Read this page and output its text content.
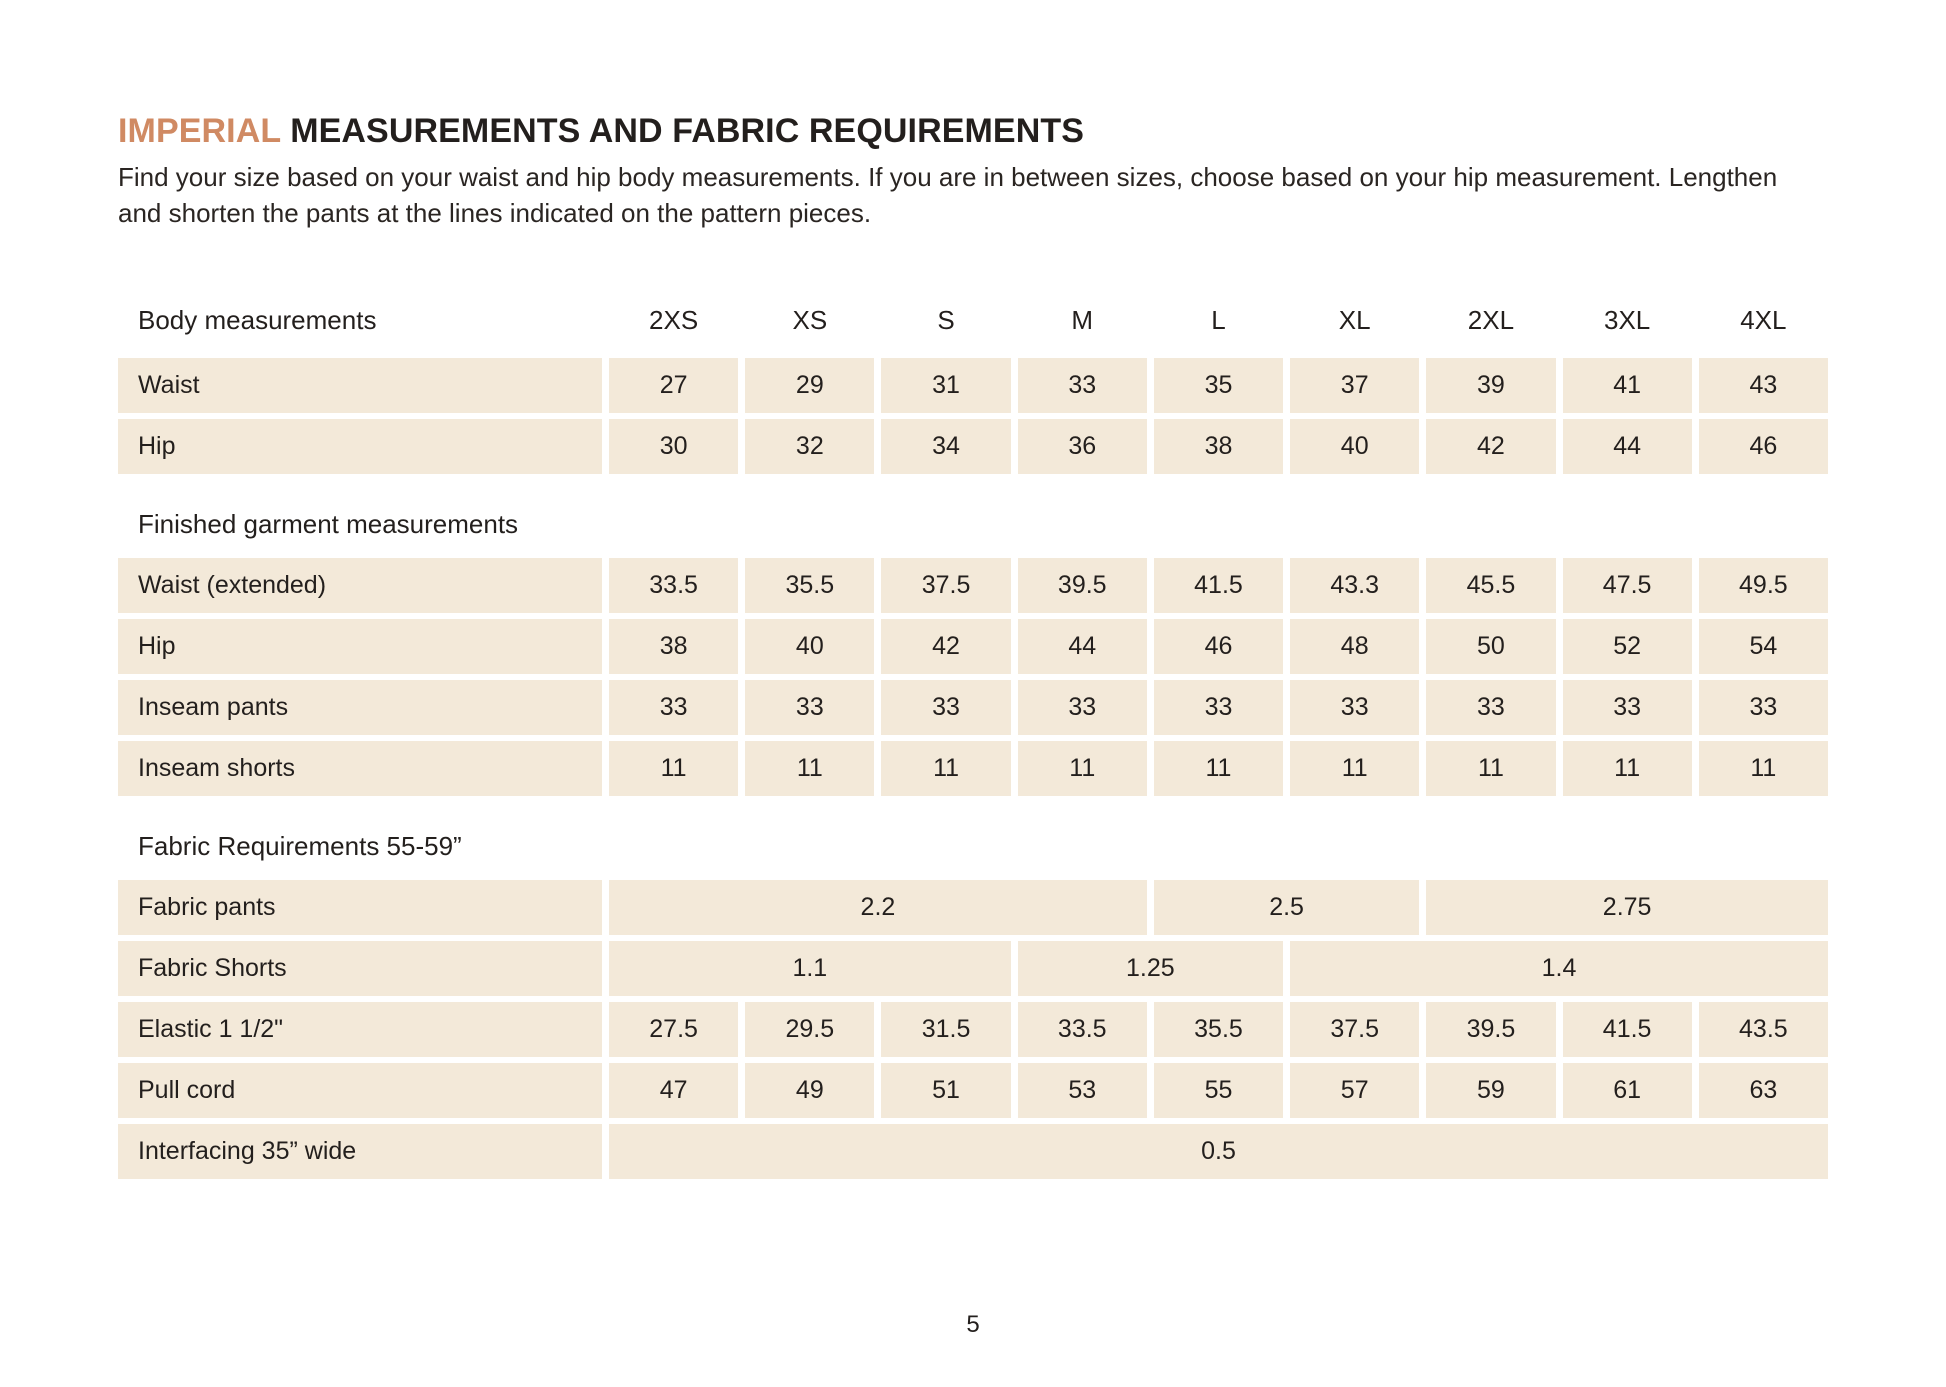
IMPERIAL MEASUREMENTS AND FABRIC REQUIREMENTS

Find your size based on your waist and hip body measurements. If you are in between sizes, choose based on your hip measurement. Lengthen and shorten the pants at the lines indicated on the pattern pieces.

Body measurements	2XS	XS	S	M	L	XL	2XL	3XL	4XL
Waist	27	29	31	33	35	37	39	41	43
Hip	30	32	34	36	38	40	42	44	46
Finished garment measurements
Waist (extended)	33.5	35.5	37.5	39.5	41.5	43.3	45.5	47.5	49.5
Hip	38	40	42	44	46	48	50	52	54
Inseam pants	33	33	33	33	33	33	33	33	33
Inseam shorts	11	11	11	11	11	11	11	11	11
Fabric Requirements 55-59”
Fabric pants	2.2	2.5	2.75
Fabric Shorts	1.1	1.25	1.4
Elastic 1 1/2"	27.5	29.5	31.5	33.5	35.5	37.5	39.5	41.5	43.5
Pull cord	47	49	51	53	55	57	59	61	63
Interfacing 35” wide	0.5
5
